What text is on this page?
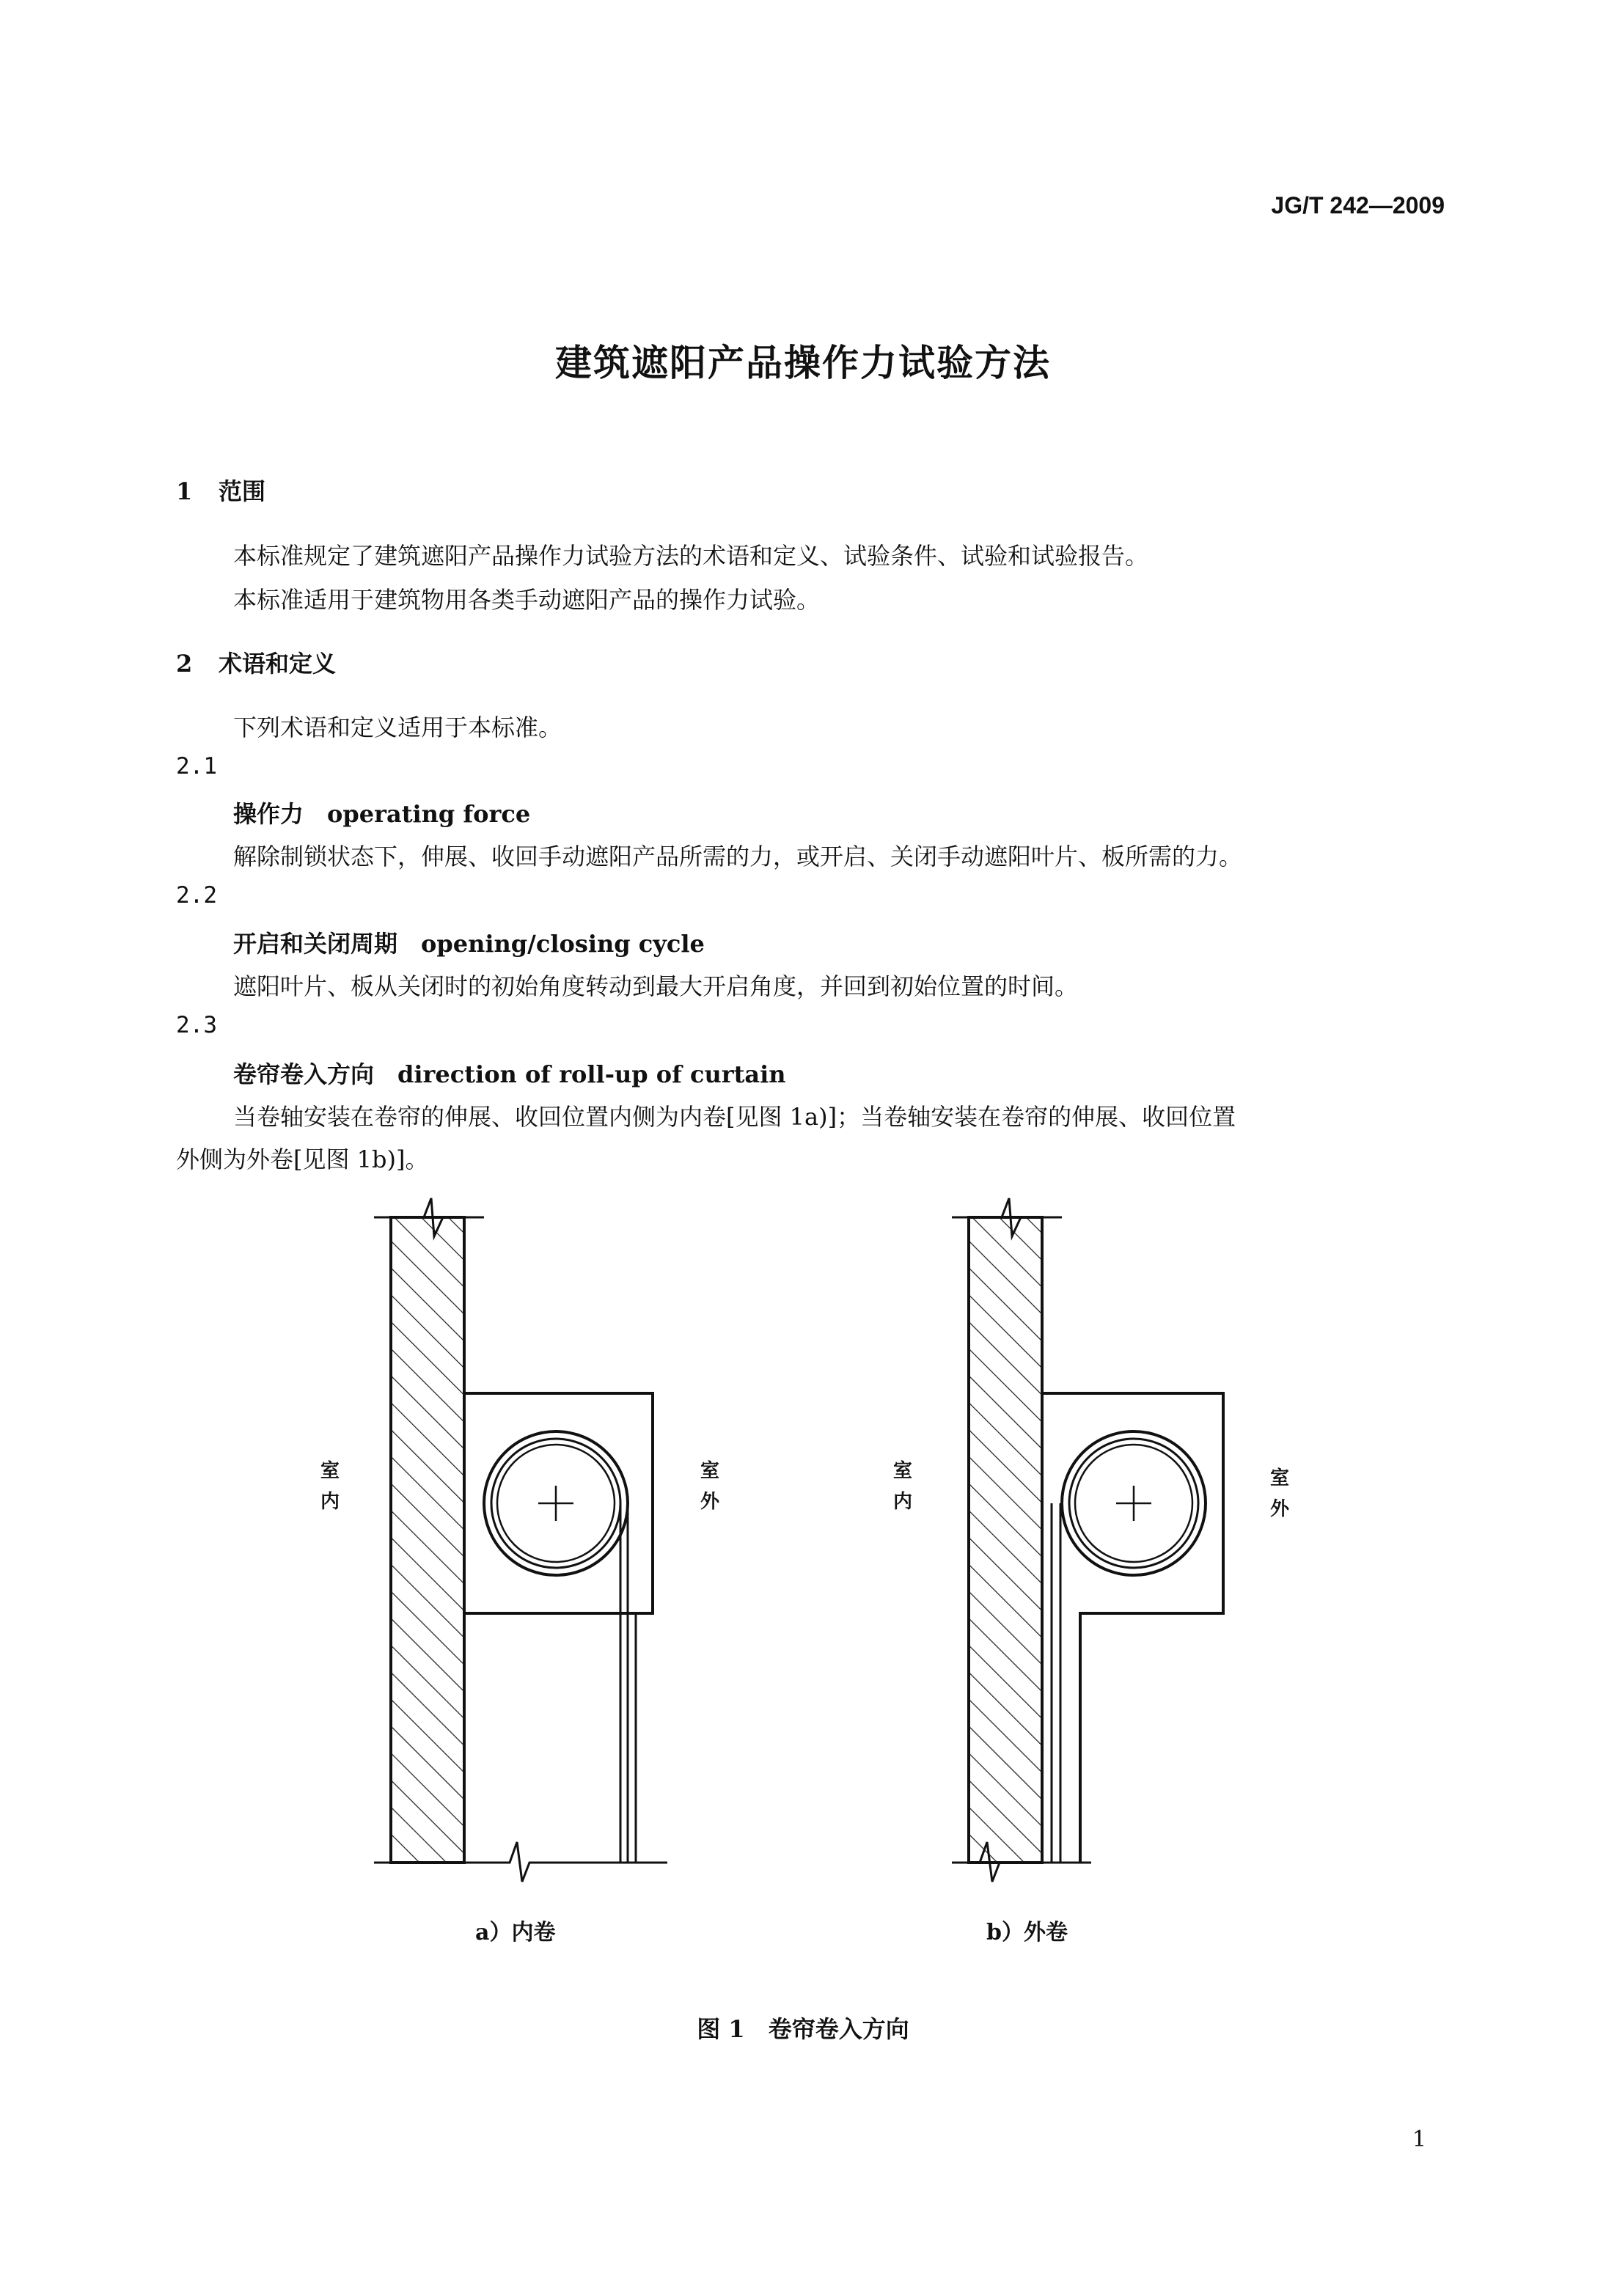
JG/T 242—2009
建筑遮阳产品操作力试验方法
1 范围
本标准规定了建筑遮阳产品操作力试验方法的术语和定义、试验条件、试验和试验报告。
本标准适用于建筑物用各类手动遮阳产品的操作力试验。
2 术语和定义
下列术语和定义适用于本标准。
2.1
操作力 operating force
解除制锁状态下，伸展、收回手动遮阳产品所需的力，或开启、关闭手动遮阳叶片、板所需的力。
2.2
开启和关闭周期 opening/closing cycle
遮阳叶片、板从关闭时的初始角度转动到最大开启角度，并回到初始位置的时间。
2.3
卷帘卷入方向 direction of roll-up of curtain
当卷轴安装在卷帘的伸展、收回位置内侧为内卷[见图 1a)]；当卷轴安装在卷帘的伸展、收回位置
外侧为外卷[见图 1b)]。
室
内
室
外
a）内卷
室
内
室
外
b）外卷
图 1　卷帘卷入方向
1
